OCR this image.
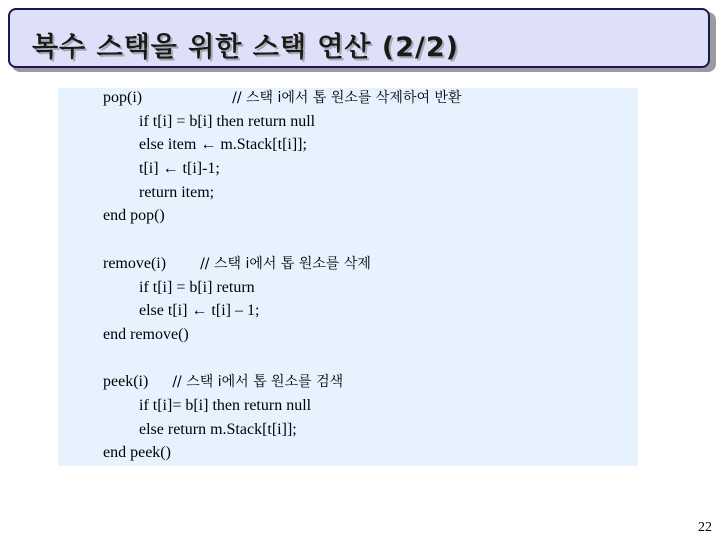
복수 스택을 위한 스택 연산 (2/2)
pop(i)	// 스택 i에서 톱 원소를 삭제하여 반환
if t[i] = b[i] then return null
else item ← m.Stack[t[i]];
t[i] ← t[i]-1;
return item;
end pop()
remove(i) // 스택 i에서 톱 원소를 삭제
if t[i] = b[i] return
else t[i] ← t[i] – 1;
end remove()
peek(i) // 스택 i에서 톱 원소를 검색
if t[i]= b[i] then return null
else return m.Stack[t[i]];
end peek()
22
